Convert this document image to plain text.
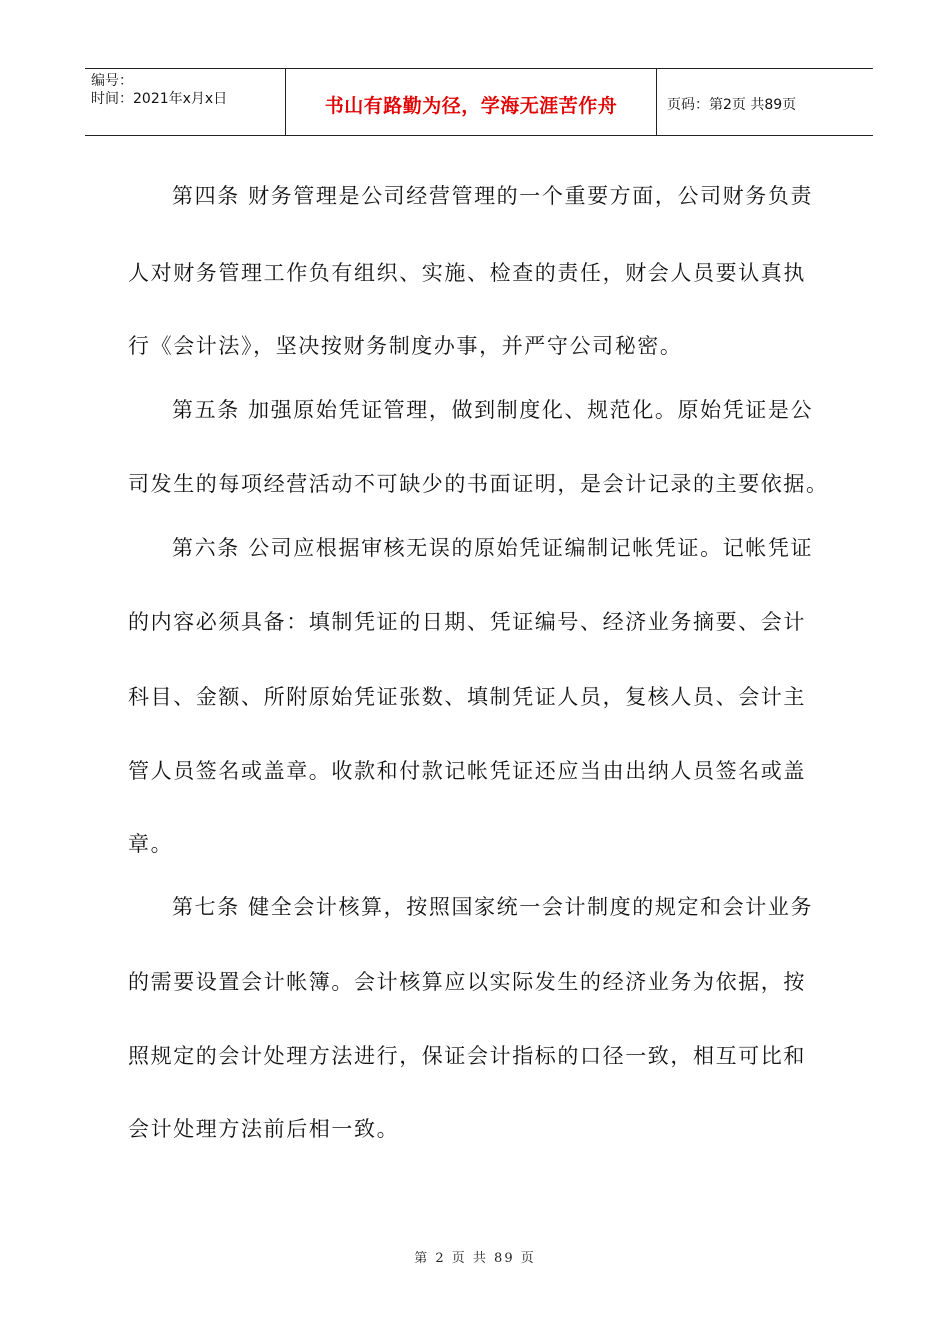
编号：
时间：2021年x月x日	书山有路勤为径，学海无涯苦作舟	页码：第2页 共89页
第四条 财务管理是公司经营管理的一个重要方面，公司财务负责
人对财务管理工作负有组织、实施、检查的责任，财会人员要认真执
行《会计法》，坚决按财务制度办事，并严守公司秘密。
第五条 加强原始凭证管理，做到制度化、规范化。原始凭证是公
司发生的每项经营活动不可缺少的书面证明，是会计记录的主要依据。
第六条 公司应根据审核无误的原始凭证编制记帐凭证。记帐凭证
的内容必须具备：填制凭证的日期、凭证编号、经济业务摘要、会计
科目、金额、所附原始凭证张数、填制凭证人员，复核人员、会计主
管人员签名或盖章。收款和付款记帐凭证还应当由出纳人员签名或盖
章。
第七条 健全会计核算，按照国家统一会计制度的规定和会计业务
的需要设置会计帐簿。会计核算应以实际发生的经济业务为依据，按
照规定的会计处理方法进行，保证会计指标的口径一致，相互可比和
会计处理方法前后相一致。
第 2 页 共 89 页
